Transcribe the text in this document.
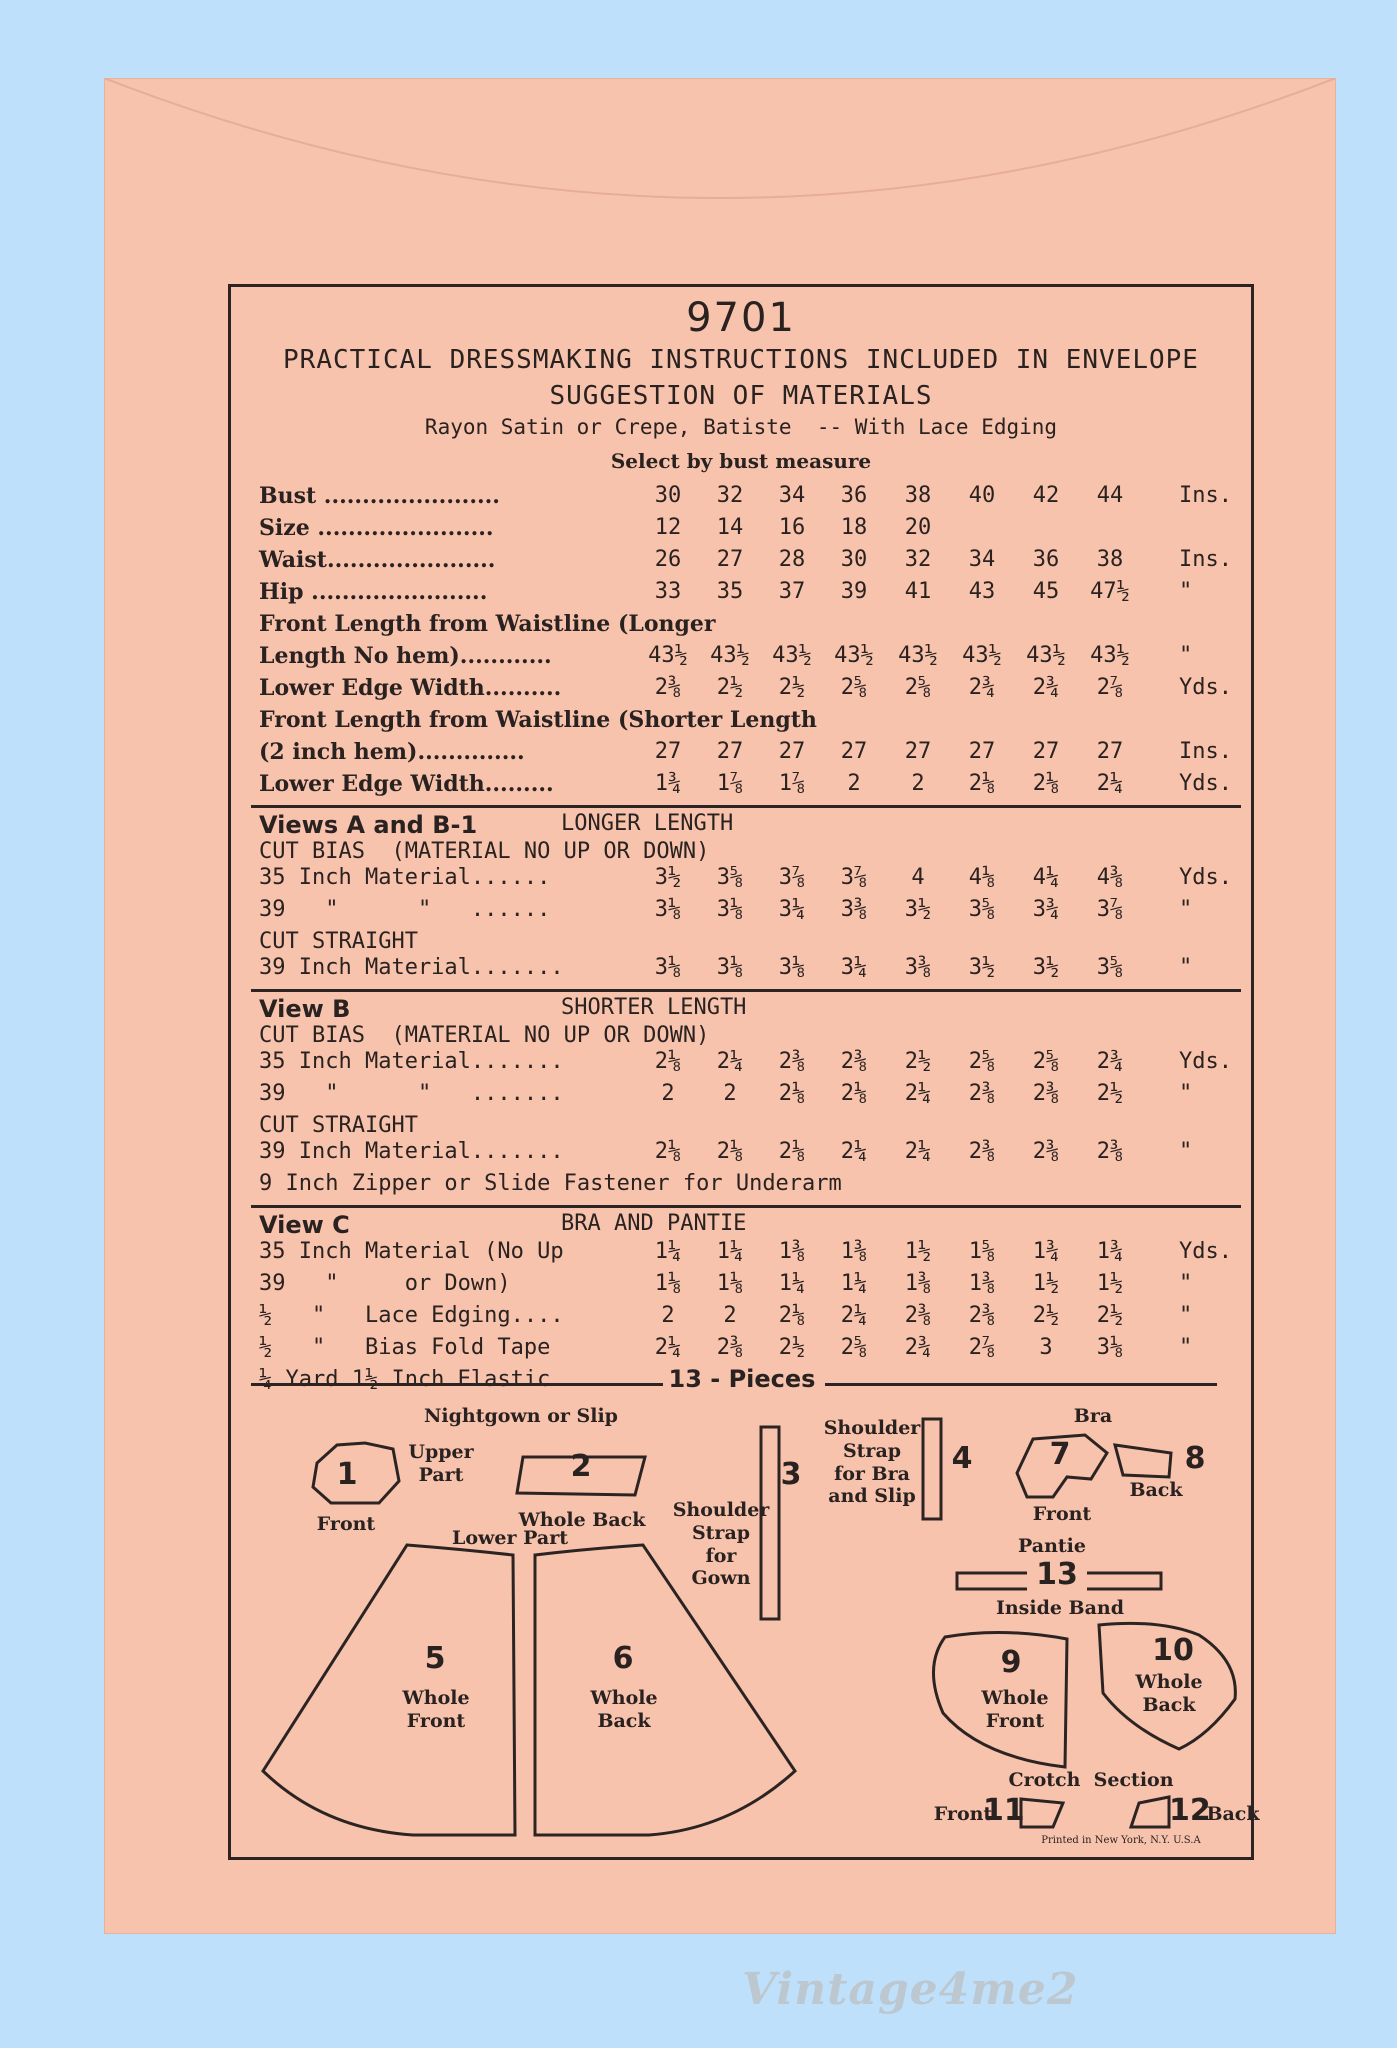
9701
PRACTICAL DRESSMAKING INSTRUCTIONS INCLUDED IN ENVELOPE
SUGGESTION OF MATERIALS
Rayon Satin or Crepe, Batiste  -- With Lace Edging
Select by bust measure
Bust .......................	30	32	34	36	38	40	42	44	Ins.
Size .......................	12	14	16	18	20
Waist......................	26	27	28	30	32	34	36	38	Ins.
Hip .......................	33	35	37	39	41	43	45	47½	"
Front Length from Waistline (Longer
Length No hem)............	43½	43½	43½	43½	43½	43½	43½	43½	"
Lower Edge Width..........	2⅜	2½	2½	2⅝	2⅝	2¾	2¾	2⅞	Yds.
Front Length from Waistline (Shorter Length
(2 inch hem)..............	27	27	27	27	27	27	27	27	Ins.
Lower Edge Width.........	1¾	1⅞	1⅞	2	2	2⅛	2⅛	2¼	Yds.
Views A and B-1	LONGER LENGTH
CUT BIAS  (MATERIAL NO UP OR DOWN)
35 Inch Material......	3½	3⅝	3⅞	3⅞	4	4⅛	4¼	4⅜	Yds.
39   "      "   ......	3⅛	3⅛	3¼	3⅜	3½	3⅝	3¾	3⅞	"
CUT STRAIGHT
39 Inch Material.......	3⅛	3⅛	3⅛	3¼	3⅜	3½	3½	3⅝	"
View B	SHORTER LENGTH
CUT BIAS  (MATERIAL NO UP OR DOWN)
35 Inch Material.......	2⅛	2¼	2⅜	2⅜	2½	2⅝	2⅝	2¾	Yds.
39   "      "   .......	2	2	2⅛	2⅛	2¼	2⅜	2⅜	2½	"
CUT STRAIGHT
39 Inch Material.......	2⅛	2⅛	2⅛	2¼	2¼	2⅜	2⅜	2⅜	"
9 Inch Zipper or Slide Fastener for Underarm
View C	BRA AND PANTIE
35 Inch Material (No Up	1¼	1¼	1⅜	1⅜	1½	1⅝	1¾	1¾	Yds.
39   "     or Down)	1⅛	1⅛	1¼	1¼	1⅜	1⅜	1½	1½	"
½   "   Lace Edging....	2	2	2⅛	2¼	2⅜	2⅜	2½	2½	"
½   "   Bias Fold Tape	2¼	2⅜	2½	2⅝	2¾	2⅞	3	3⅛	"
¼ Yard 1½ Inch Elastic	13 - Pieces
Nightgown or Slip
Upper
Part
1
Front
2
Whole Back
3
Shoulder
Strap
for
Gown
Shoulder
Strap
for Bra
and Slip
4
Lower Part
5
Whole
Front
6
Whole
Back
Bra
7
Front
8
Back
Pantie
13
Inside Band
9
Whole
Front
10
Whole
Back
Crotch  Section
Front
11	12
Back
Printed in New York, N.Y. U.S.A
Vintage4me2
